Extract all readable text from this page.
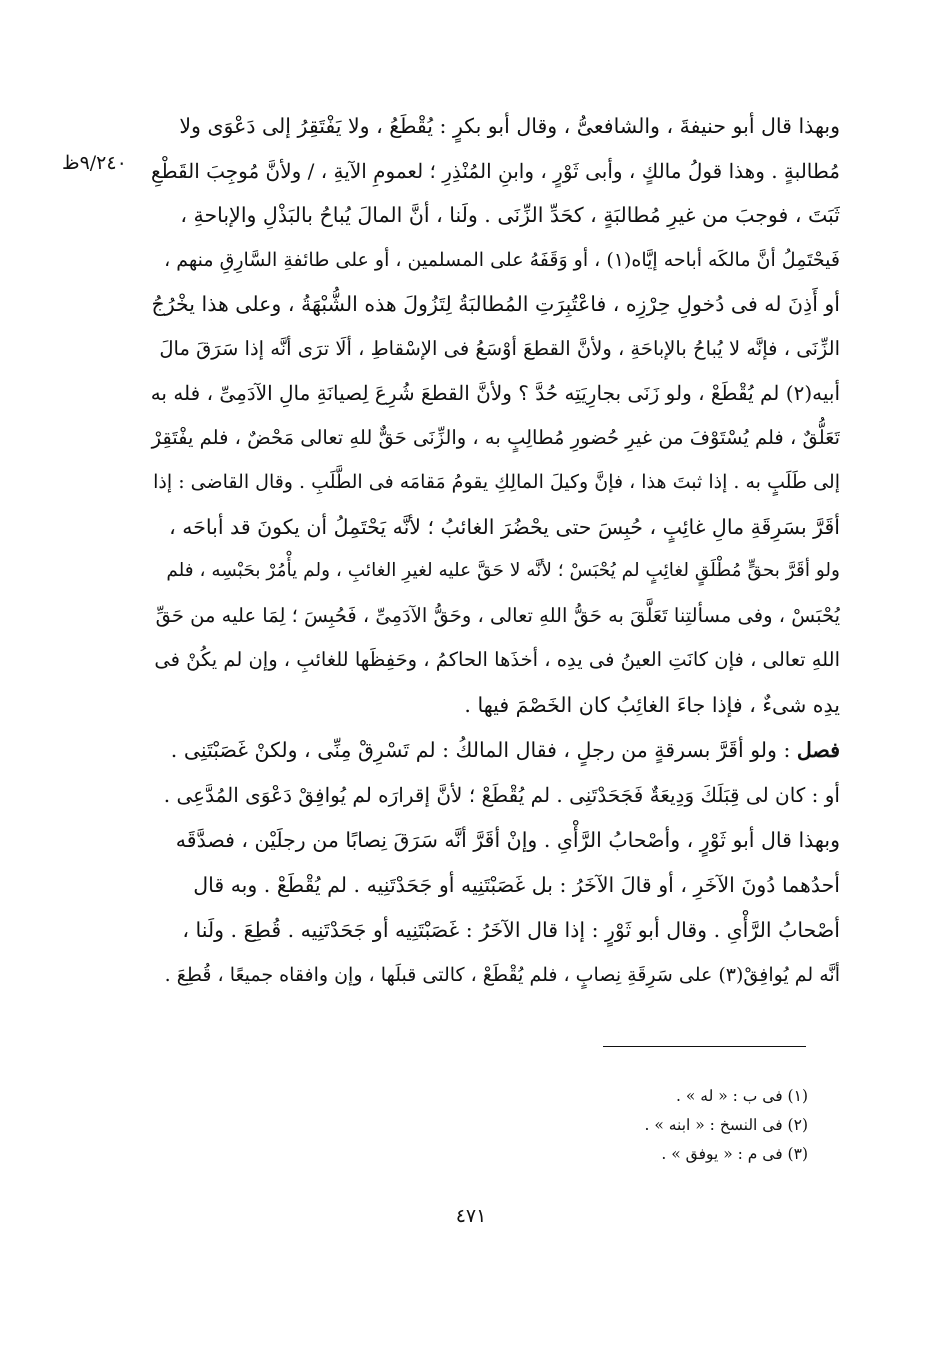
٩/٢٤٠ظ
وبهذا قال أبو حنيفةَ ، والشافعىُّ ، وقال أبو بكرٍ : يُقْطَعُ ، ولا يَفْتَقِرُ إلى دَعْوَى ولا
مُطالبةٍ . وهذا قولُ مالكٍ ، وأبى ثَوْرٍ ، وابنِ المُنْذِرِ ؛ لعمومِ الآيةِ ، / ولأنَّ مُوجِبَ القَطْعِ
ثَبَتَ ، فوجبَ من غيرِ مُطالبَةٍ ، كحَدِّ الزِّنَى . ولَنا ، أنَّ المالَ يُباحُ بالبَذْلِ والإباحةِ ،
فَيحْتَمِلُ أنَّ مالكَه أباحه إيَّاه(١) ، أو وَقَفَهُ على المسلمين ، أو على طائفةِ السَّارِقِ منهم ،
أو أَذِنَ له فى دُخولِ حِرْزِه ، فاعْتُبِرَتِ المُطالبَةُ لِتَزُولَ هذه الشُّبْهَةُ ، وعلى هذا يخْرُجُ
الزِّنَى ، فإنَّه لا يُباحُ بالإباحَةِ ، ولأنَّ القطعَ أوْسَعُ فى الإسْقاطِ ، ألَا ترَى أنَّه إذا سَرَقَ مالَ
أبيه(٢) لم يُقْطَعْ ، ولو زَنَى بجارِيَتِه حُدَّ ؟ ولأنَّ القطعَ شُرِعَ لِصيانَةِ مالِ الآدَمِىِّ ، فله به
تَعَلُّقٌ ، فلم يُسْتَوْفَ من غيرِ حُضورِ مُطالِبٍ به ، والزِّنَى حَقٌّ للهِ تعالى مَحْضٌ ، فلم يفْتَقِرْ
إلى طَلَبٍ به . إذا ثبتَ هذا ، فإنَّ وكيلَ المالِكِ يقومُ مَقامَه فى الطَّلَبِ . وقال القاضى : إذا
أقَرَّ بسَرِقَةِ مالِ غائِبٍ ، حُبِسَ حتى يحْضُرَ الغائبُ ؛ لأنَّه يَحْتَمِلُ أن يكونَ قد أباحَه ،
ولو أقَرَّ بحقٍّ مُطْلَقٍ لغائِبٍ لم يُحْبَسْ ؛ لأنَّه لا حَقَّ عليه لغيرِ الغائبِ ، ولم يأْمُرْ بحَبْسِه ، فلم
يُحْبَسْ ، وفى مسألتِنا تَعَلَّقَ به حَقُّ اللهِ تعالى ، وحَقُّ الآدَمِىِّ ، فَحُبِسَ ؛ لِمَا عليه من حَقِّ
اللهِ تعالى ، فإن كانَتِ العينُ فى يدِه ، أخذَها الحاكمُ ، وحَفِظَها للغائبِ ، وإن لم يكُنْ فى
يدِه شىءٌ ، فإذا جاءَ الغائِبُ كان الخَصْمَ فيها .
فصل : ولو أقَرَّ بسرقةٍ من رجلٍ ، فقال المالكُ : لم تَسْرِقْ مِنِّى ، ولكنْ غَصَبْتَنِى .
أو : كان لى قِبَلَكَ وَدِيعَةٌ فَجَحَدْتَنِى . لم يُقْطَعْ ؛ لأنَّ إقرارَه لم يُوافِقْ دَعْوَى المُدَّعِى .
وبهذا قال أبو ثَوْرٍ ، وأصْحابُ الرَّأْىِ . وإنْ أقَرَّ أنَّه سَرَقَ نِصابًا من رجلَيْن ، فصدَّقَه
أحدُهما دُونَ الآخَرِ ، أو قالَ الآخَرُ : بل غَصَبْتَنِيه أو جَحَدْتَنِيه . لم يُقْطَعْ . وبه قال
أصْحابُ الرَّأْىِ . وقال أبو ثَوْرٍ : إذا قال الآخَرُ : غَصَبْتَنِيه أو جَحَدْتَنِيه . قُطِعَ . ولَنا ،
أنَّه لم يُوافِقْ(٣) على سَرِقَةِ نِصابٍ ، فلم يُقْطَعْ ، كالتى قبلَها ، وإن وافقاه جميعًا ، قُطِعَ .
(١) فى ب : « له » .
(٢) فى النسخ : « ابنه » .
(٣) فى م : « يوفق » .
٤٧١
